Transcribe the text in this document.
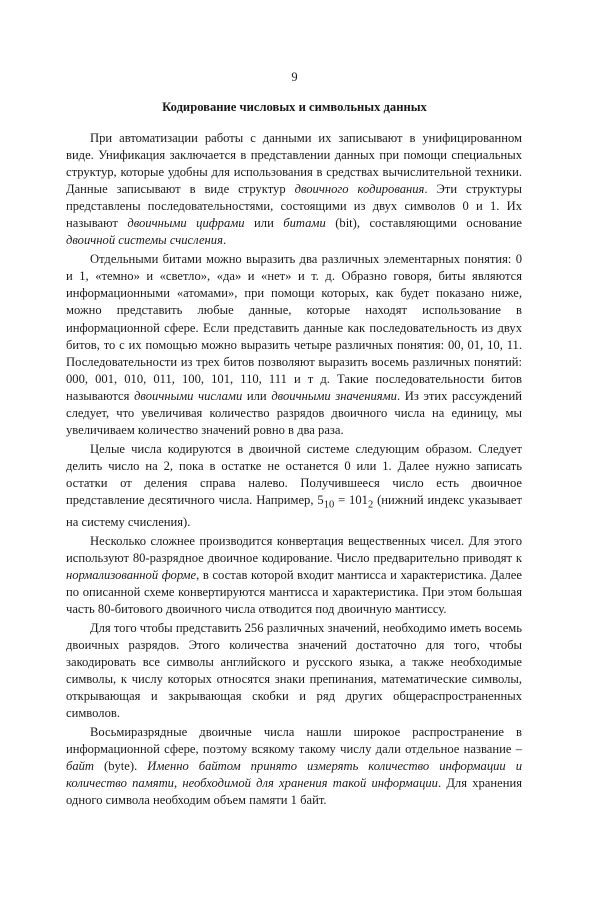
9
Кодирование числовых и символьных данных

При автоматизации работы с данными их записывают в унифицированном виде. Унификация заключается в представлении данных при помощи специальных структур, которые удобны для использования в средствах вычислительной техники. Данные записывают в виде структур двоичного кодирования. Эти структуры представлены последовательностями, состоящими из двух символов 0 и 1. Их называют двоичными цифрами или битами (bit), составляющими основание двоичной системы счисления.

Отдельными битами можно выразить два различных элементарных понятия: 0 и 1, «темно» и «светло», «да» и «нет» и т. д. Образно говоря, биты являются информационными «атомами», при помощи которых, как будет показано ниже, можно представить любые данные, которые находят использование в информационной сфере. Если представить данные как последовательность из двух битов, то с их помощью можно выразить четыре различных понятия: 00, 01, 10, 11. Последовательности из трех битов позволяют выразить восемь различных понятий: 000, 001, 010, 011, 100, 101, 110, 111 и т д. Такие последовательности битов называются двоичными числами или двоичными значениями. Из этих рассуждений следует, что увеличивая количество разрядов двоичного числа на единицу, мы увеличиваем количество значений ровно в два раза.

Целые числа кодируются в двоичной системе следующим образом. Следует делить число на 2, пока в остатке не останется 0 или 1. Далее нужно записать остатки от деления справа налево. Получившееся число есть двоичное представление десятичного числа. Например, $5_{10} = 101_2$ (нижний индекс указывает на систему счисления).

Несколько сложнее производится конвертация вещественных чисел. Для этого используют 80-разрядное двоичное кодирование. Число предварительно приводят к нормализованной форме, в состав которой входит мантисса и характеристика. Далее по описанной схеме конвертируются мантисса и характеристика. При этом большая часть 80-битового двоичного числа отводится под двоичную мантиссу.

Для того чтобы представить 256 различных значений, необходимо иметь восемь двоичных разрядов. Этого количества значений достаточно для того, чтобы закодировать все символы английского и русского языка, а также необходимые символы, к числу которых относятся знаки препинания, математические символы, открывающая и закрывающая скобки и ряд других общераспространенных символов.

Восьмиразрядные двоичные числа нашли широкое распространение в информационной сфере, поэтому всякому такому числу дали отдельное название – байт (byte). Именно байтом принято измерять количество информации и количество памяти, необходимой для хранения такой информации. Для хранения одного символа необходим объем памяти 1 байт.
